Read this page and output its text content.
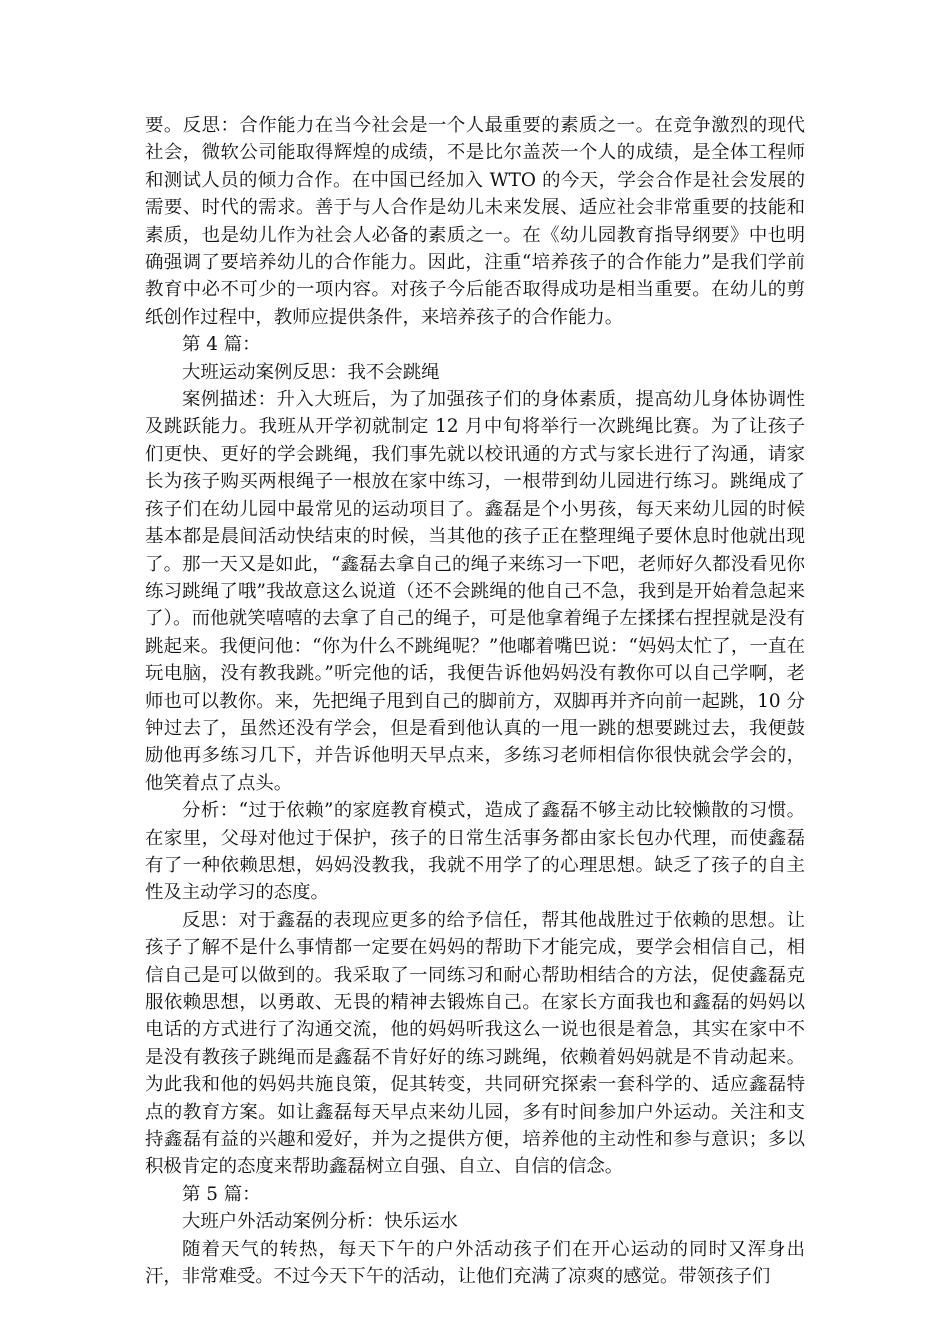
要。反思：合作能力在当今社会是一个人最重要的素质之一。在竞争激烈的现代社会，微软公司能取得辉煌的成绩，不是比尔盖茨一个人的成绩，是全体工程师和测试人员的倾力合作。在中国已经加入 WTO 的今天，学会合作是社会发展的需要、时代的需求。善于与人合作是幼儿未来发展、适应社会非常重要的技能和素质，也是幼儿作为社会人必备的素质之一。在《幼儿园教育指导纲要》中也明确强调了要培养幼儿的合作能力。因此，注重“培养孩子的合作能力”是我们学前教育中必不可少的一项内容。对孩子今后能否取得成功是相当重要。在幼儿的剪纸创作过程中，教师应提供条件，来培养孩子的合作能力。

第 4 篇：

大班运动案例反思：我不会跳绳

案例描述：升入大班后，为了加强孩子们的身体素质，提高幼儿身体协调性及跳跃能力。我班从开学初就制定 12 月中旬将举行一次跳绳比赛。为了让孩子们更快、更好的学会跳绳，我们事先就以校讯通的方式与家长进行了沟通，请家长为孩子购买两根绳子一根放在家中练习，一根带到幼儿园进行练习。跳绳成了孩子们在幼儿园中最常见的运动项目了。鑫磊是个小男孩，每天来幼儿园的时候基本都是晨间活动快结束的时候，当其他的孩子正在整理绳子要休息时他就出现了。那一天又是如此，“鑫磊去拿自己的绳子来练习一下吧，老师好久都没看见你练习跳绳了哦”我故意这么说道（还不会跳绳的他自己不急，我到是开始着急起来了）。而他就笑嘻嘻的去拿了自己的绳子，可是他拿着绳子左揉揉右捏捏就是没有跳起来。我便问他：“你为什么不跳绳呢？”他嘟着嘴巴说：“妈妈太忙了，一直在玩电脑，没有教我跳。”听完他的话，我便告诉他妈妈没有教你可以自己学啊，老师也可以教你。来，先把绳子甩到自己的脚前方，双脚再并齐向前一起跳，10 分钟过去了，虽然还没有学会，但是看到他认真的一甩一跳的想要跳过去，我便鼓励他再多练习几下，并告诉他明天早点来，多练习老师相信你很快就会学会的，他笑着点了点头。

分析：“过于依赖”的家庭教育模式，造成了鑫磊不够主动比较懒散的习惯。在家里，父母对他过于保护，孩子的日常生活事务都由家长包办代理，而使鑫磊有了一种依赖思想，妈妈没教我，我就不用学了的心理思想。缺乏了孩子的自主性及主动学习的态度。

反思：对于鑫磊的表现应更多的给予信任，帮其他战胜过于依赖的思想。让孩子了解不是什么事情都一定要在妈妈的帮助下才能完成，要学会相信自己，相信自己是可以做到的。我采取了一同练习和耐心帮助相结合的方法，促使鑫磊克服依赖思想，以勇敢、无畏的精神去锻炼自己。在家长方面我也和鑫磊的妈妈以电话的方式进行了沟通交流，他的妈妈听我这么一说也很是着急，其实在家中不是没有教孩子跳绳而是鑫磊不肯好好的练习跳绳，依赖着妈妈就是不肯动起来。为此我和他的妈妈共施良策，促其转变，共同研究探索一套科学的、适应鑫磊特点的教育方案。如让鑫磊每天早点来幼儿园，多有时间参加户外运动。关注和支持鑫磊有益的兴趣和爱好，并为之提供方便，培养他的主动性和参与意识；多以积极肯定的态度来帮助鑫磊树立自强、自立、自信的信念。

第 5 篇：

大班户外活动案例分析：快乐运水

随着天气的转热，每天下午的户外活动孩子们在开心运动的同时又浑身出汗，非常难受。不过今天下午的活动，让他们充满了凉爽的感觉。带领孩子们
